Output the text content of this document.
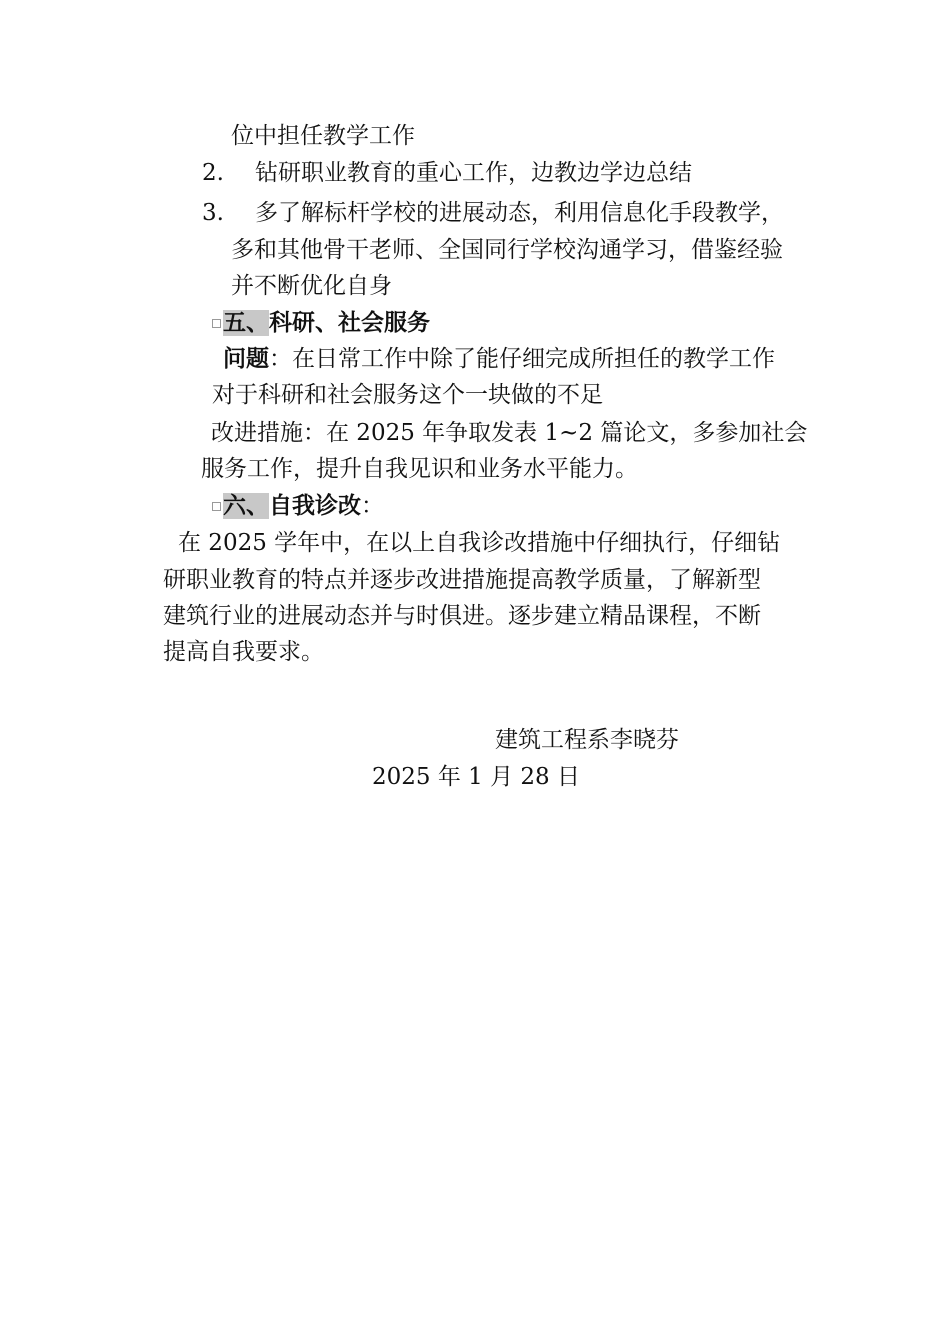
位中担任教学工作
2. 钻研职业教育的重心工作，边教边学边总结
3. 多了解标杆学校的进展动态，利用信息化手段教学，
多和其他骨干老师、全国同行学校沟通学习，借鉴经验
并不断优化自身
五、科研、社会服务
问题：在日常工作中除了能仔细完成所担任的教学工作
对于科研和社会服务这个一块做的不足
改进措施：在 2025 年争取发表 1~2 篇论文，多参加社会
服务工作，提升自我见识和业务水平能力。
六、自我诊改：
在 2025 学年中，在以上自我诊改措施中仔细执行，仔细钻
研职业教育的特点并逐步改进措施提高教学质量，了解新型
建筑行业的进展动态并与时俱进。逐步建立精品课程，不断
提高自我要求。
建筑工程系李晓芬
2025 年 1 月 28 日
